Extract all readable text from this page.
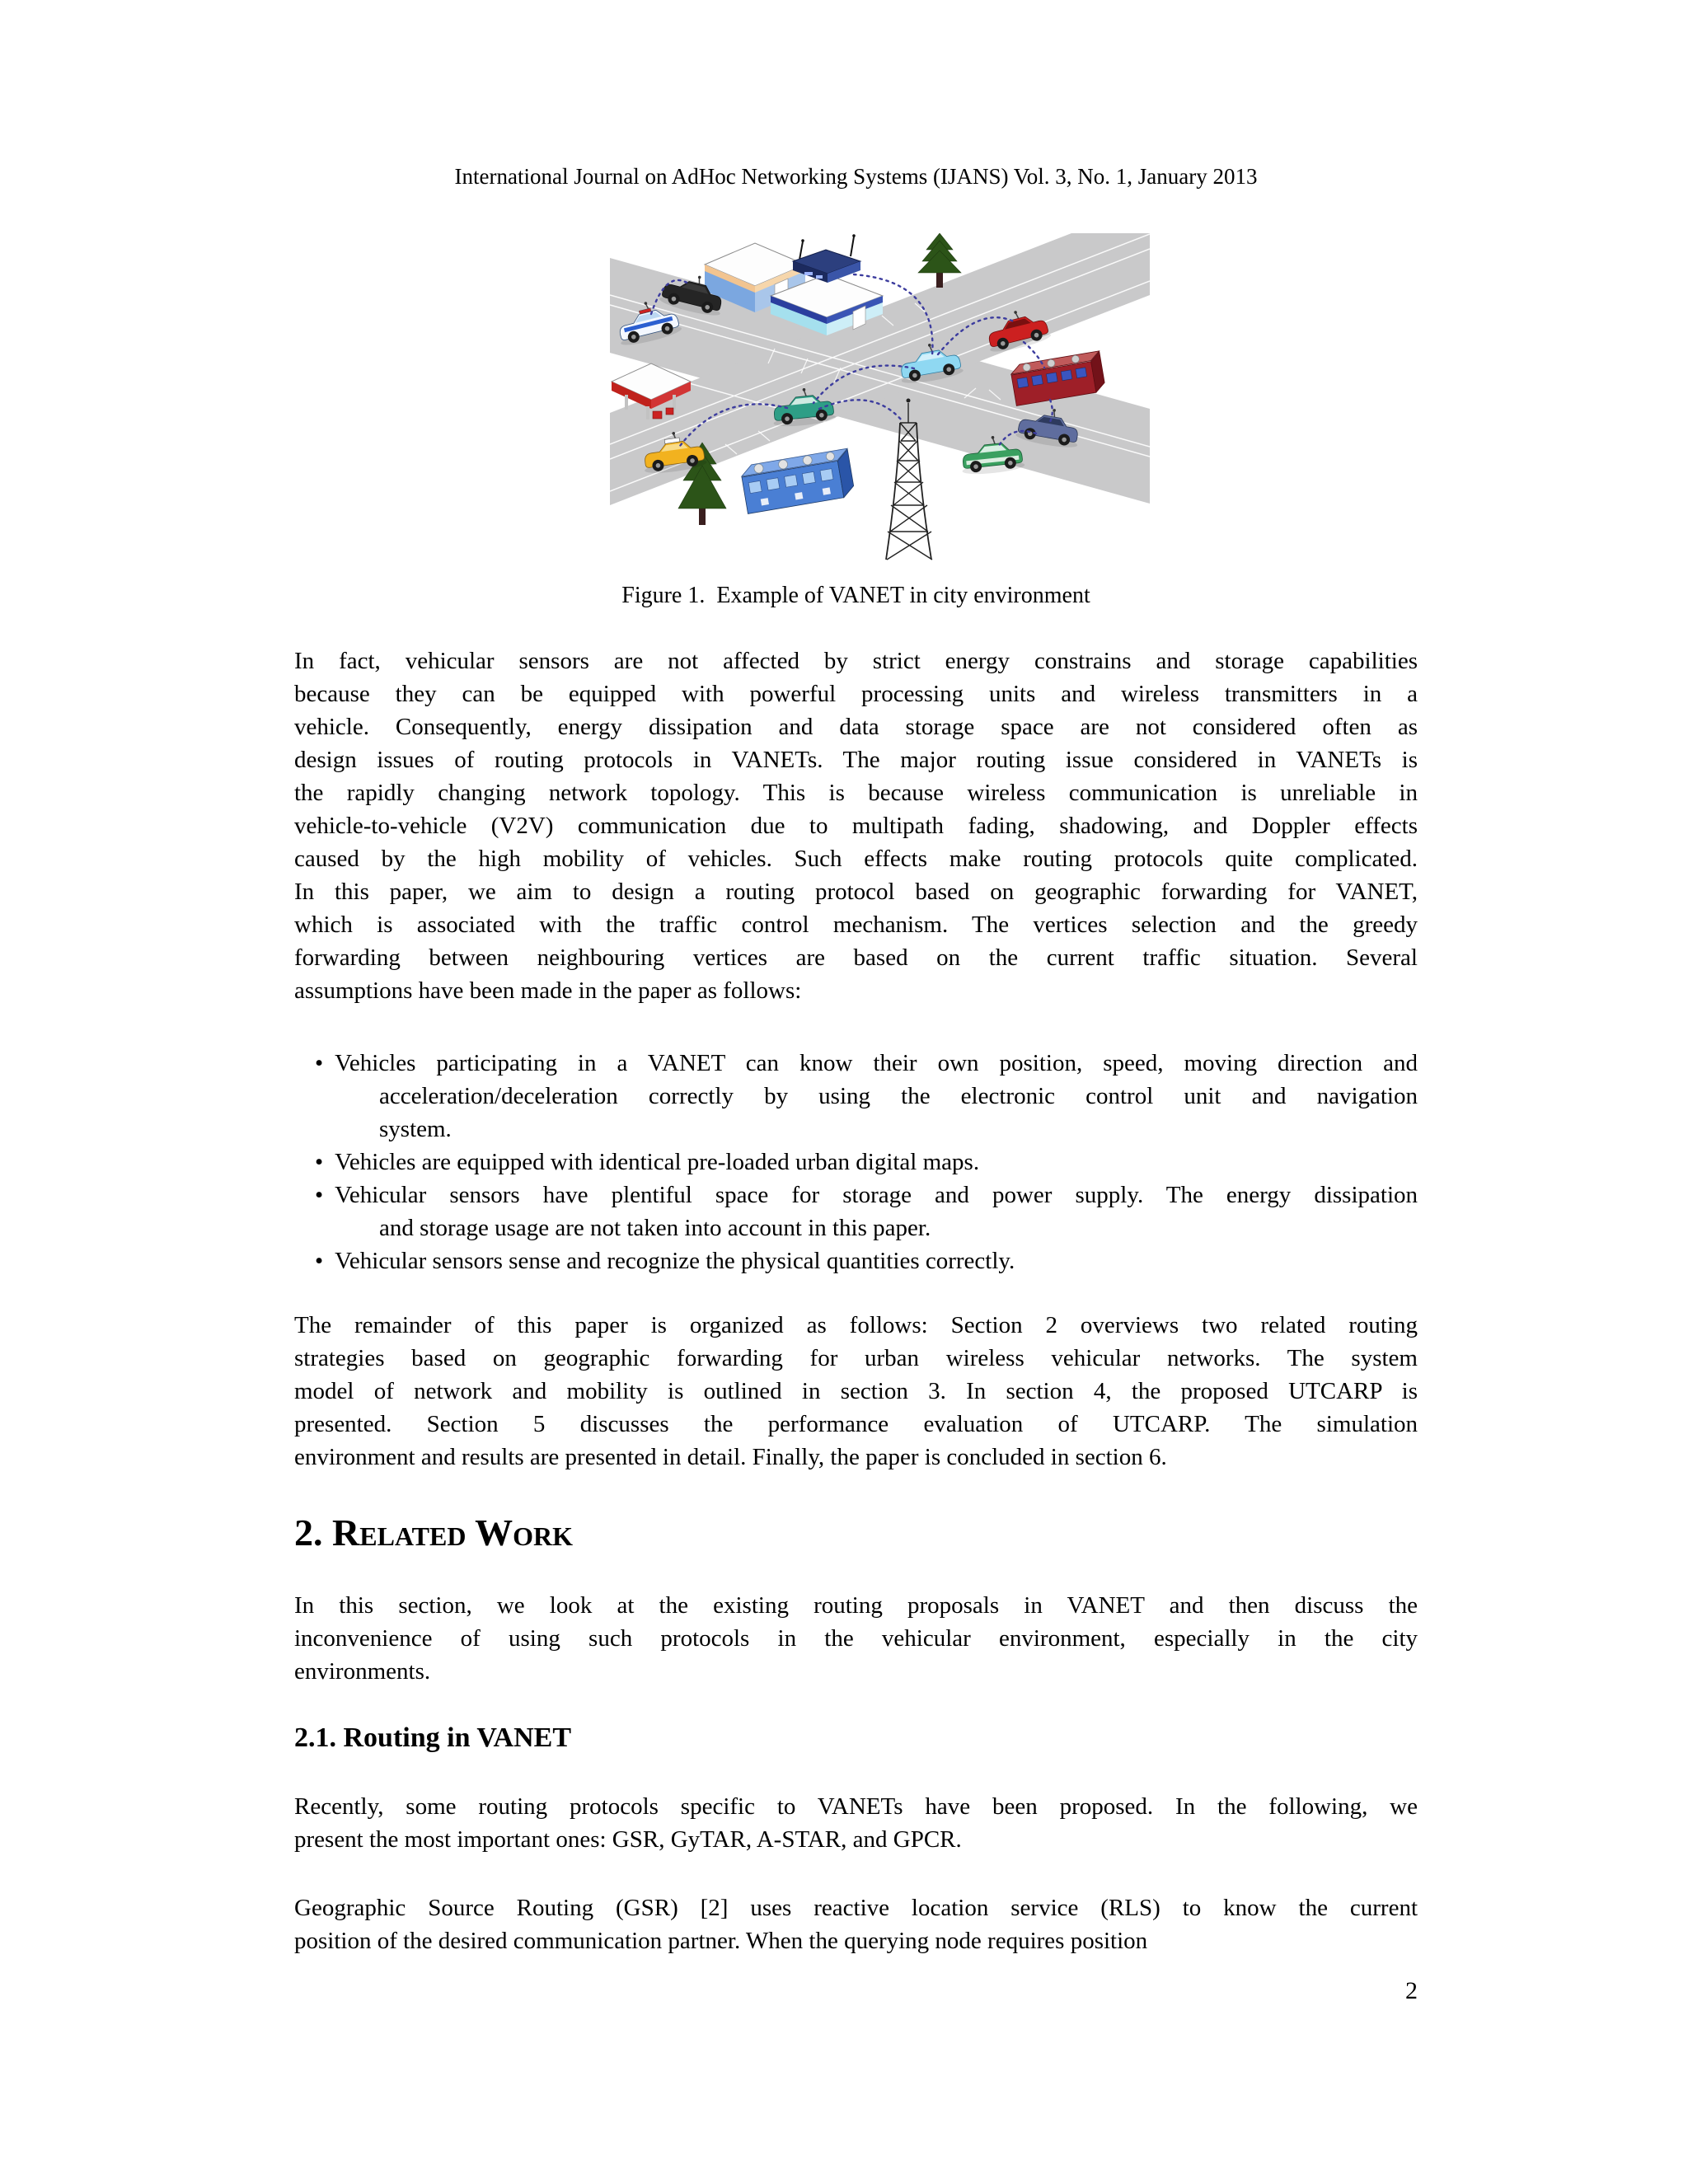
International Journal on AdHoc Networking Systems (IJANS) Vol. 3, No. 1, January 2013
Figure 1.  Example of VANET in city environment
In fact, vehicular sensors are not affected by strict energy constrains and storage capabilities
because they can be equipped with powerful processing units and wireless transmitters in a
vehicle. Consequently, energy dissipation and data storage space are not considered often as
design issues of routing protocols in VANETs. The major routing issue considered in VANETs is
the rapidly changing network topology. This is because wireless communication is unreliable in
vehicle-to-vehicle (V2V) communication due to multipath fading, shadowing, and Doppler effects
caused by the high mobility of vehicles. Such effects make routing protocols quite complicated.
In this paper, we aim to design a routing protocol based on geographic forwarding for VANET,
which is associated with the traffic control mechanism. The vertices selection and the greedy
forwarding between neighbouring vertices are based on the current traffic situation. Several
assumptions have been made in the paper as follows:
• Vehicles participating in a VANET can know their own position, speed, moving direction and
acceleration/deceleration correctly by using the electronic control unit and navigation
system.
• Vehicles are equipped with identical pre-loaded urban digital maps.
• Vehicular sensors have plentiful space for storage and power supply. The energy dissipation
and storage usage are not taken into account in this paper.
• Vehicular sensors sense and recognize the physical quantities correctly.
The remainder of this paper is organized as follows: Section 2 overviews two related routing
strategies based on geographic forwarding for urban wireless vehicular networks. The system
model of network and mobility is outlined in section 3. In section 4, the proposed UTCARP is
presented. Section 5 discusses the performance evaluation of UTCARP. The simulation
environment and results are presented in detail. Finally, the paper is concluded in section 6.
2. Related Work
In this section, we look at the existing routing proposals in VANET and then discuss the
inconvenience of using such protocols in the vehicular environment, especially in the city
environments.
2.1. Routing in VANET
Recently, some routing protocols specific to VANETs have been proposed. In the following, we
present the most important ones: GSR, GyTAR, A-STAR, and GPCR.
Geographic Source Routing (GSR) [2] uses reactive location service (RLS) to know the current
position of the desired communication partner. When the querying node requires position
2
